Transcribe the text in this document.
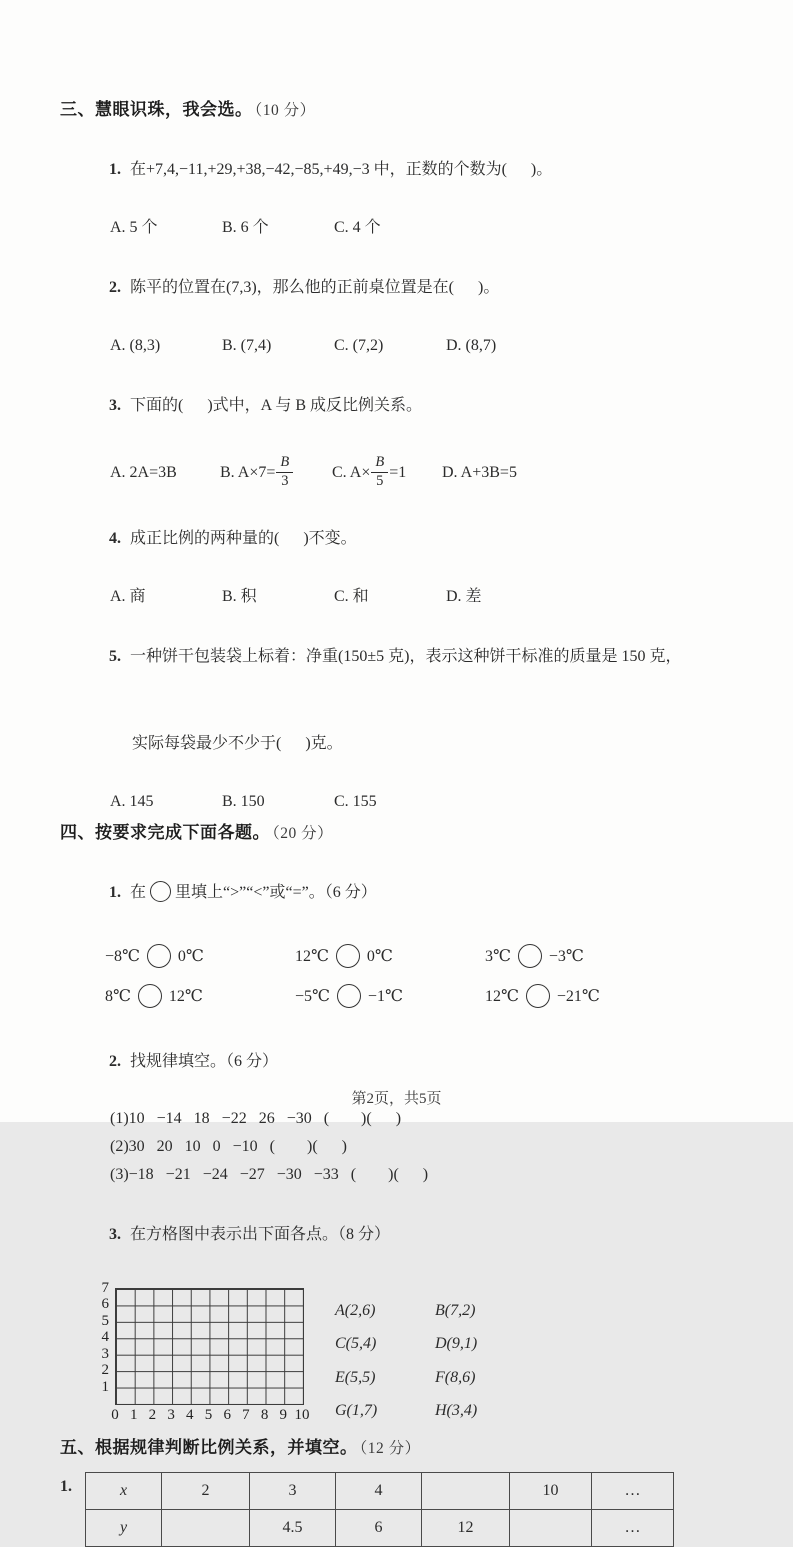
三、慧眼识珠，我会选。 （10 分）

1. 在+7,4,−11,+29,+38,−42,−85,+49,−3 中，正数的个数为(      )。

A. 5 个	B. 6 个	C. 4 个

2. 陈平的位置在(7,3)，那么他的正前桌位置是在(      )。

A. (8,3)	B. (7,4)	C. (7,2)	D. (8,7)

3. 下面的(      )式中，A 与 B 成反比例关系。

A. 2A=3B	B. $A\times 7= \frac{B}{3} C$. $A\times \frac{B}{5} =1$ D. A+3B=5

4. 成正比例的两种量的(      )不变。

A. 商	B. 积	C. 和	D. 差

5. 一种饼干包装袋上标着：净重(150±5 克)，表示这种饼干标准的质量是 150 克，

实际每袋最少不少于(      )克。

A. 145	B. 150	C. 155
四、按要求完成下面各题。 （20 分）

1. 在 里填上“>”“<”或“=”。（6 分）

−8℃ 0℃	12℃ 0℃	3℃ −3℃
8℃ 12℃	−5℃ −1℃	12℃ −21℃

2. 找规律填空。（6 分）

(1)10   −14   18   −22   26   −30   (        )(      )
(2)30   20   10   0   −10   (        )(      )
(3)−18   −21   −24   −27   −30   −33   (        )(      )

3. 在方格图中表示出下面各点。（8 分）

7
6
5
4
3
2
1
0 1 2 3 4 5 6 7 8 9 10
A(2,6)	B(7,2)
C(5,4)	D(9,1)
E(5,5)	F(8,6)
G(1,7)	H(3,4)
五、根据规律判断比例关系，并填空。 （12 分）
1.	x	2	3	4		10	…
y		4.5	6	12		…
第2页，共5页
